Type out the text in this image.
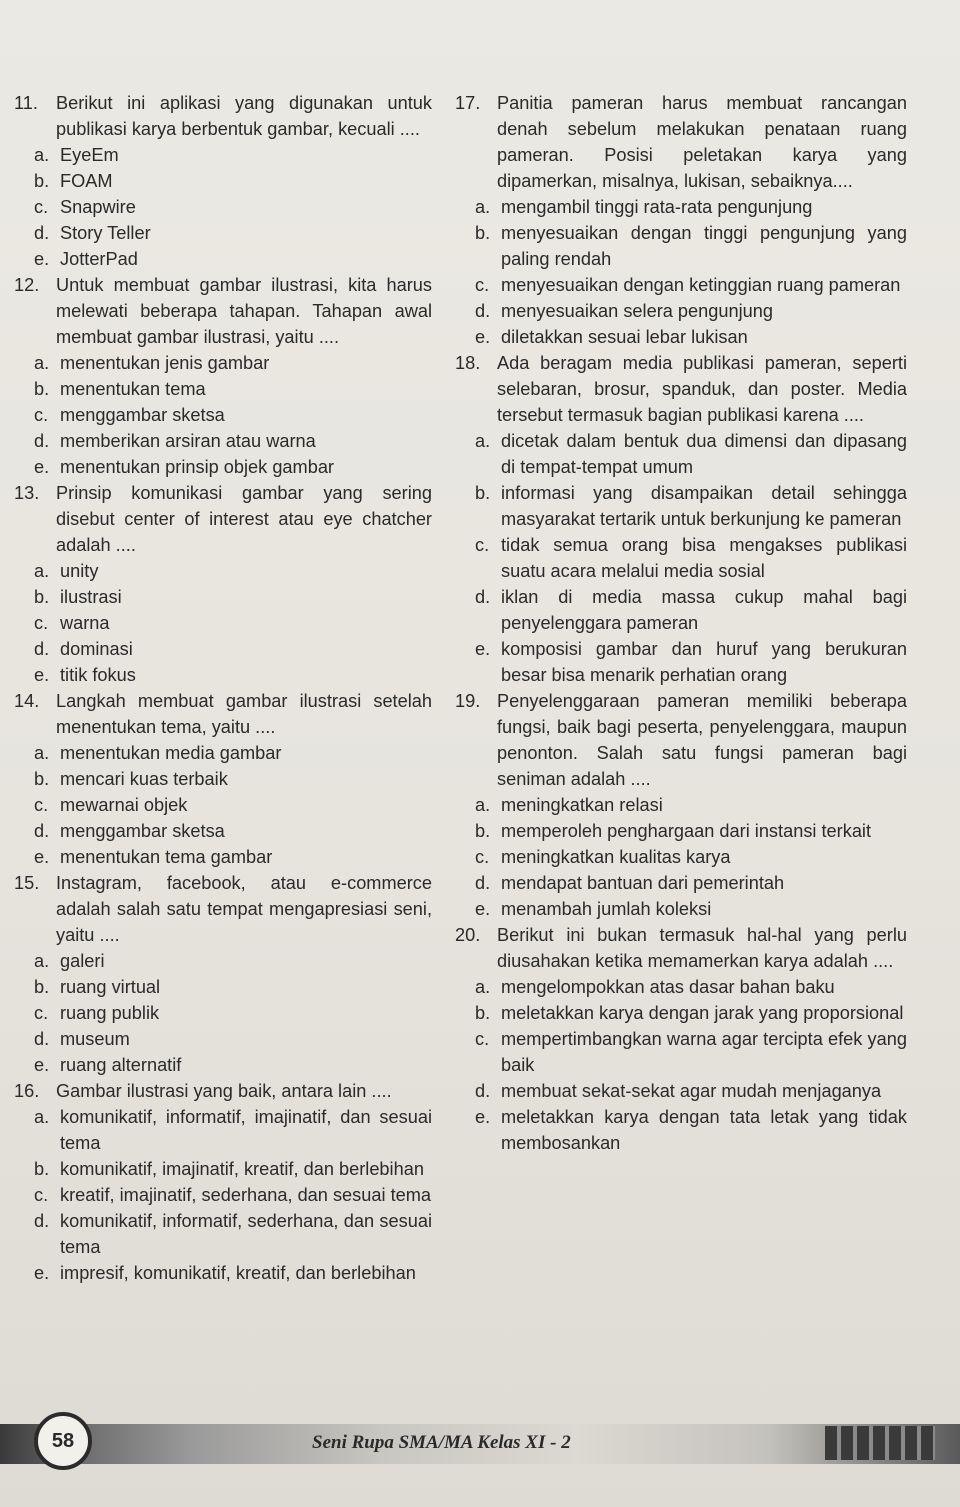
11. Berikut ini aplikasi yang digunakan untuk publikasi karya berbentuk gambar, kecuali ....
a. EyeEm
b. FOAM
c. Snapwire
d. Story Teller
e. JotterPad
12. Untuk membuat gambar ilustrasi, kita harus melewati beberapa tahapan. Tahapan awal membuat gambar ilustrasi, yaitu ....
a. menentukan jenis gambar
b. menentukan tema
c. menggambar sketsa
d. memberikan arsiran atau warna
e. menentukan prinsip objek gambar
13. Prinsip komunikasi gambar yang sering disebut center of interest atau eye chatcher adalah ....
a. unity
b. ilustrasi
c. warna
d. dominasi
e. titik fokus
14. Langkah membuat gambar ilustrasi setelah menentukan tema, yaitu ....
a. menentukan media gambar
b. mencari kuas terbaik
c. mewarnai objek
d. menggambar sketsa
e. menentukan tema gambar
15. Instagram, facebook, atau e-commerce adalah salah satu tempat mengapresiasi seni, yaitu ....
a. galeri
b. ruang virtual
c. ruang publik
d. museum
e. ruang alternatif
16. Gambar ilustrasi yang baik, antara lain ....
a. komunikatif, informatif, imajinatif, dan sesuai tema
b. komunikatif, imajinatif, kreatif, dan berlebihan
c. kreatif, imajinatif, sederhana, dan sesuai tema
d. komunikatif, informatif, sederhana, dan sesuai tema
e. impresif, komunikatif, kreatif, dan berlebihan
17. Panitia pameran harus membuat rancangan denah sebelum melakukan penataan ruang pameran. Posisi peletakan karya yang dipamerkan, misalnya, lukisan, sebaiknya....
a. mengambil tinggi rata-rata pengunjung
b. menyesuaikan dengan tinggi pengunjung yang paling rendah
c. menyesuaikan dengan ketinggian ruang pameran
d. menyesuaikan selera pengunjung
e. diletakkan sesuai lebar lukisan
18. Ada beragam media publikasi pameran, seperti selebaran, brosur, spanduk, dan poster. Media tersebut termasuk bagian publikasi karena ....
a. dicetak dalam bentuk dua dimensi dan dipasang di tempat-tempat umum
b. informasi yang disampaikan detail sehingga masyarakat tertarik untuk berkunjung ke pameran
c. tidak semua orang bisa mengakses publikasi suatu acara melalui media sosial
d. iklan di media massa cukup mahal bagi penyelenggara pameran
e. komposisi gambar dan huruf yang berukuran besar bisa menarik perhatian orang
19. Penyelenggaraan pameran memiliki beberapa fungsi, baik bagi peserta, penyelenggara, maupun penonton. Salah satu fungsi pameran bagi seniman adalah ....
a. meningkatkan relasi
b. memperoleh penghargaan dari instansi terkait
c. meningkatkan kualitas karya
d. mendapat bantuan dari pemerintah
e. menambah jumlah koleksi
20. Berikut ini bukan termasuk hal-hal yang perlu diusahakan ketika memamerkan karya adalah ....
a. mengelompokkan atas dasar bahan baku
b. meletakkan karya dengan jarak yang proporsional
c. mempertimbangkan warna agar tercipta efek yang baik
d. membuat sekat-sekat agar mudah menjaganya
e. meletakkan karya dengan tata letak yang tidak membosankan
58	Seni Rupa SMA/MA Kelas XI - 2
